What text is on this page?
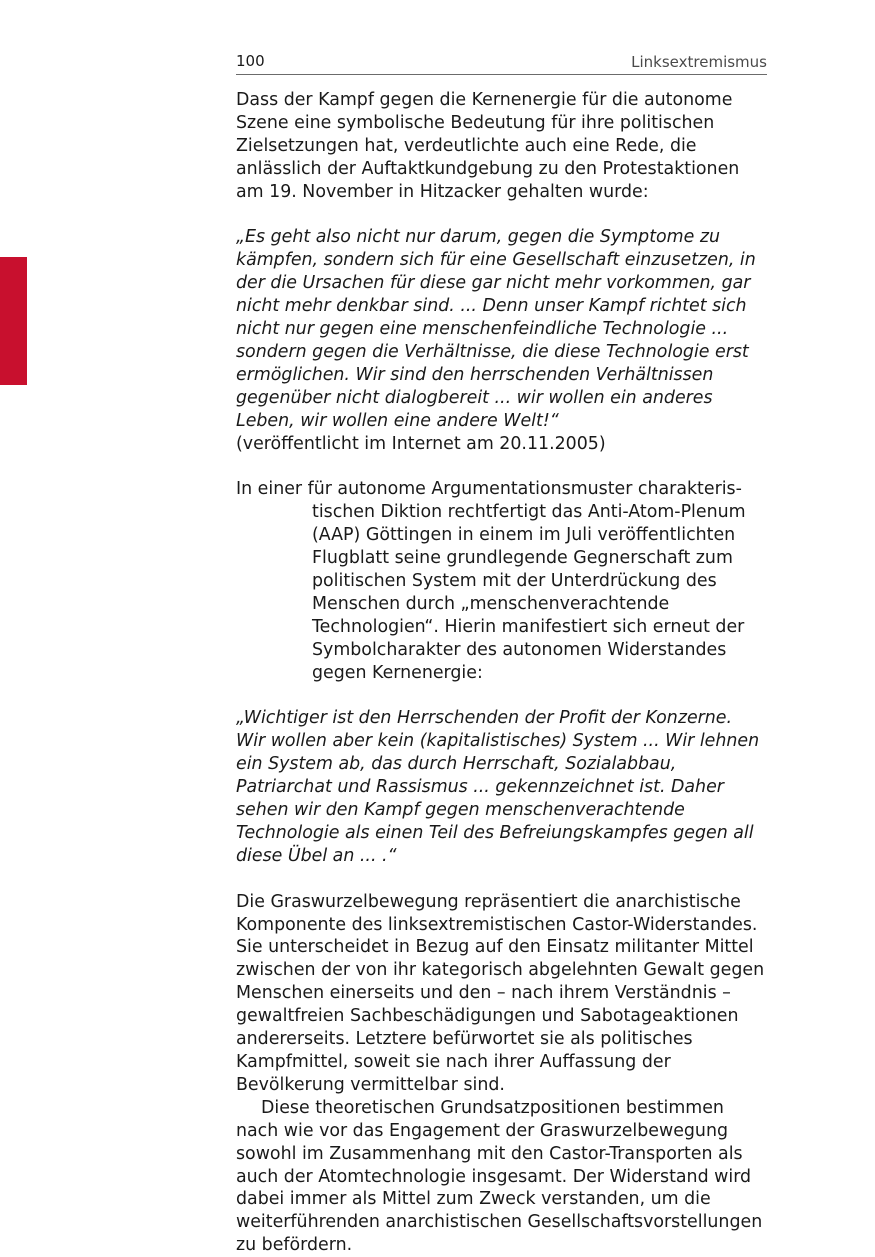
100	Linksextremismus

Dass der Kampf gegen die Kernenergie für die autonome Szene eine symbolische Bedeutung für ihre politischen Zielsetzungen hat, verdeutlichte auch eine Rede, die anlässlich der Auftaktkundgebung zu den Protestaktionen am 19. November in Hitzacker gehalten wurde:

„Es geht also nicht nur darum, gegen die Symptome zu kämpfen, sondern sich für eine Gesellschaft einzusetzen, in der die Ursachen für diese gar nicht mehr vorkommen, gar nicht mehr denkbar sind. ... Denn unser Kampf richtet sich nicht nur gegen eine menschenfeindliche Technologie ... sondern gegen die Verhältnisse, die diese Technologie erst ermöglichen. Wir sind den herrschenden Verhältnissen gegenüber nicht dialogbereit ... wir wollen ein anderes Leben, wir wollen eine andere Welt!“

(veröffentlicht im Internet am 20.11.2005)

In einer für autonome Argumentationsmuster charakteris-
tischen Diktion rechtfertigt das Anti-Atom-Plenum (AAP) Göttingen in einem im Juli veröffentlichten Flugblatt seine grundlegende Gegnerschaft zum politischen System mit der Unterdrückung des Menschen durch „menschenverachtende Technologien“. Hierin manifestiert sich erneut der Symbolcharakter des autonomen Widerstandes gegen Kernenergie:

„Wichtiger ist den Herrschenden der Profit der Konzerne. Wir wollen aber kein (kapitalistisches) System ... Wir lehnen ein System ab, das durch Herrschaft, Sozialabbau, Patriarchat und Rassismus ... gekennzeichnet ist. Daher sehen wir den Kampf gegen menschenverachtende Technologie als einen Teil des Befreiungskampfes gegen all diese Übel an ... .“

Die Graswurzelbewegung repräsentiert die anarchistische Komponente des linksextremistischen Castor-Widerstandes. Sie unterscheidet in Bezug auf den Einsatz militanter Mittel zwischen der von ihr kategorisch abgelehnten Gewalt gegen Menschen einerseits und den – nach ihrem Verständnis – gewaltfreien Sachbeschädigungen und Sabotageaktionen andererseits. Letztere befürwortet sie als politisches Kampfmittel, soweit sie nach ihrer Auffassung der Bevölkerung vermittelbar sind.

Diese theoretischen Grundsatzpositionen bestimmen nach wie vor das Engagement der Graswurzelbewegung sowohl im Zusammenhang mit den Castor-Transporten als auch der Atomtechnologie insgesamt. Der Widerstand wird dabei immer als Mittel zum Zweck verstanden, um die weiterführenden anarchistischen Gesellschaftsvorstellungen zu befördern.
